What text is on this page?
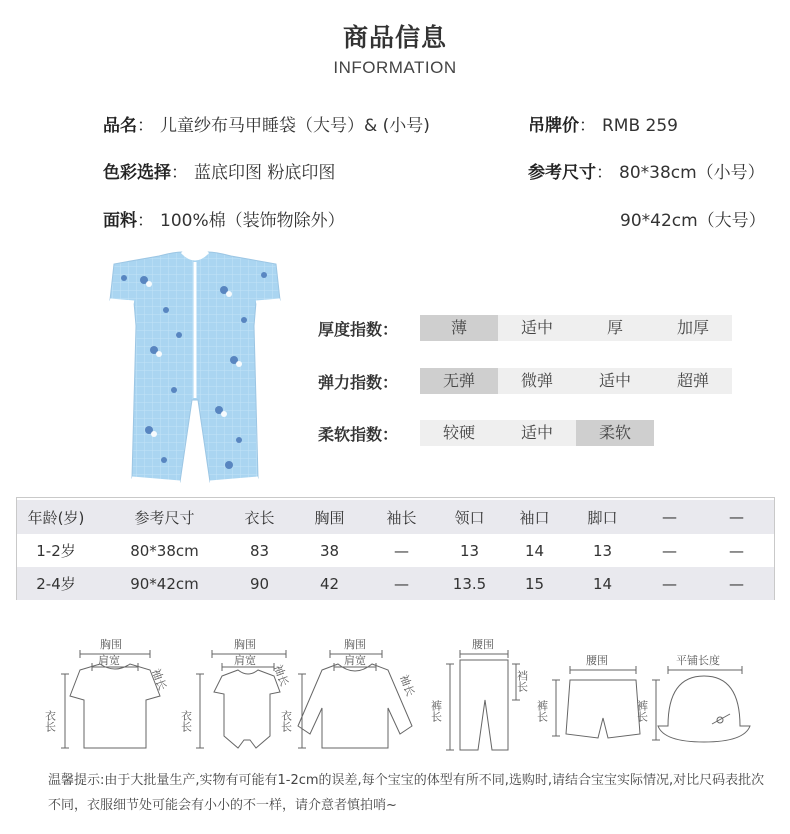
商品信息
INFORMATION
品名： 儿童纱布马甲睡袋（大号）& (小号)	吊牌价： RMB 259
色彩选择： 蓝底印图 粉底印图	参考尺寸： 80*38cm（小号）
面料： 100%棉（装饰物除外）	90*42cm（大号）
厚度指数：	薄	适中	厚	加厚
弹力指数：	无弹	微弹	适中	超弹
柔软指数：	较硬	适中	柔软
年龄(岁)	参考尺寸	衣长	胸围	袖长	领口	袖口	脚口	—	—
1-2岁	80*38cm	83	38	—	13	14	13	—	—
2-4岁	90*42cm	90	42	—	13.5	15	14	—	—
胸围
肩宽
袖长
衣长
胸围
肩宽
袖长
衣长
胸围
肩宽
袖长
衣长
腰围
裆长
裤长
腰围
裤长
平铺长度
裤长
温馨提示:由于大批量生产,实物有可能有1-2cm的误差,每个宝宝的体型有所不同,选购时,请结合宝宝实际情况,对比尺码表批次不同，衣服细节处可能会有小小的不一样，请介意者慎拍哨~
